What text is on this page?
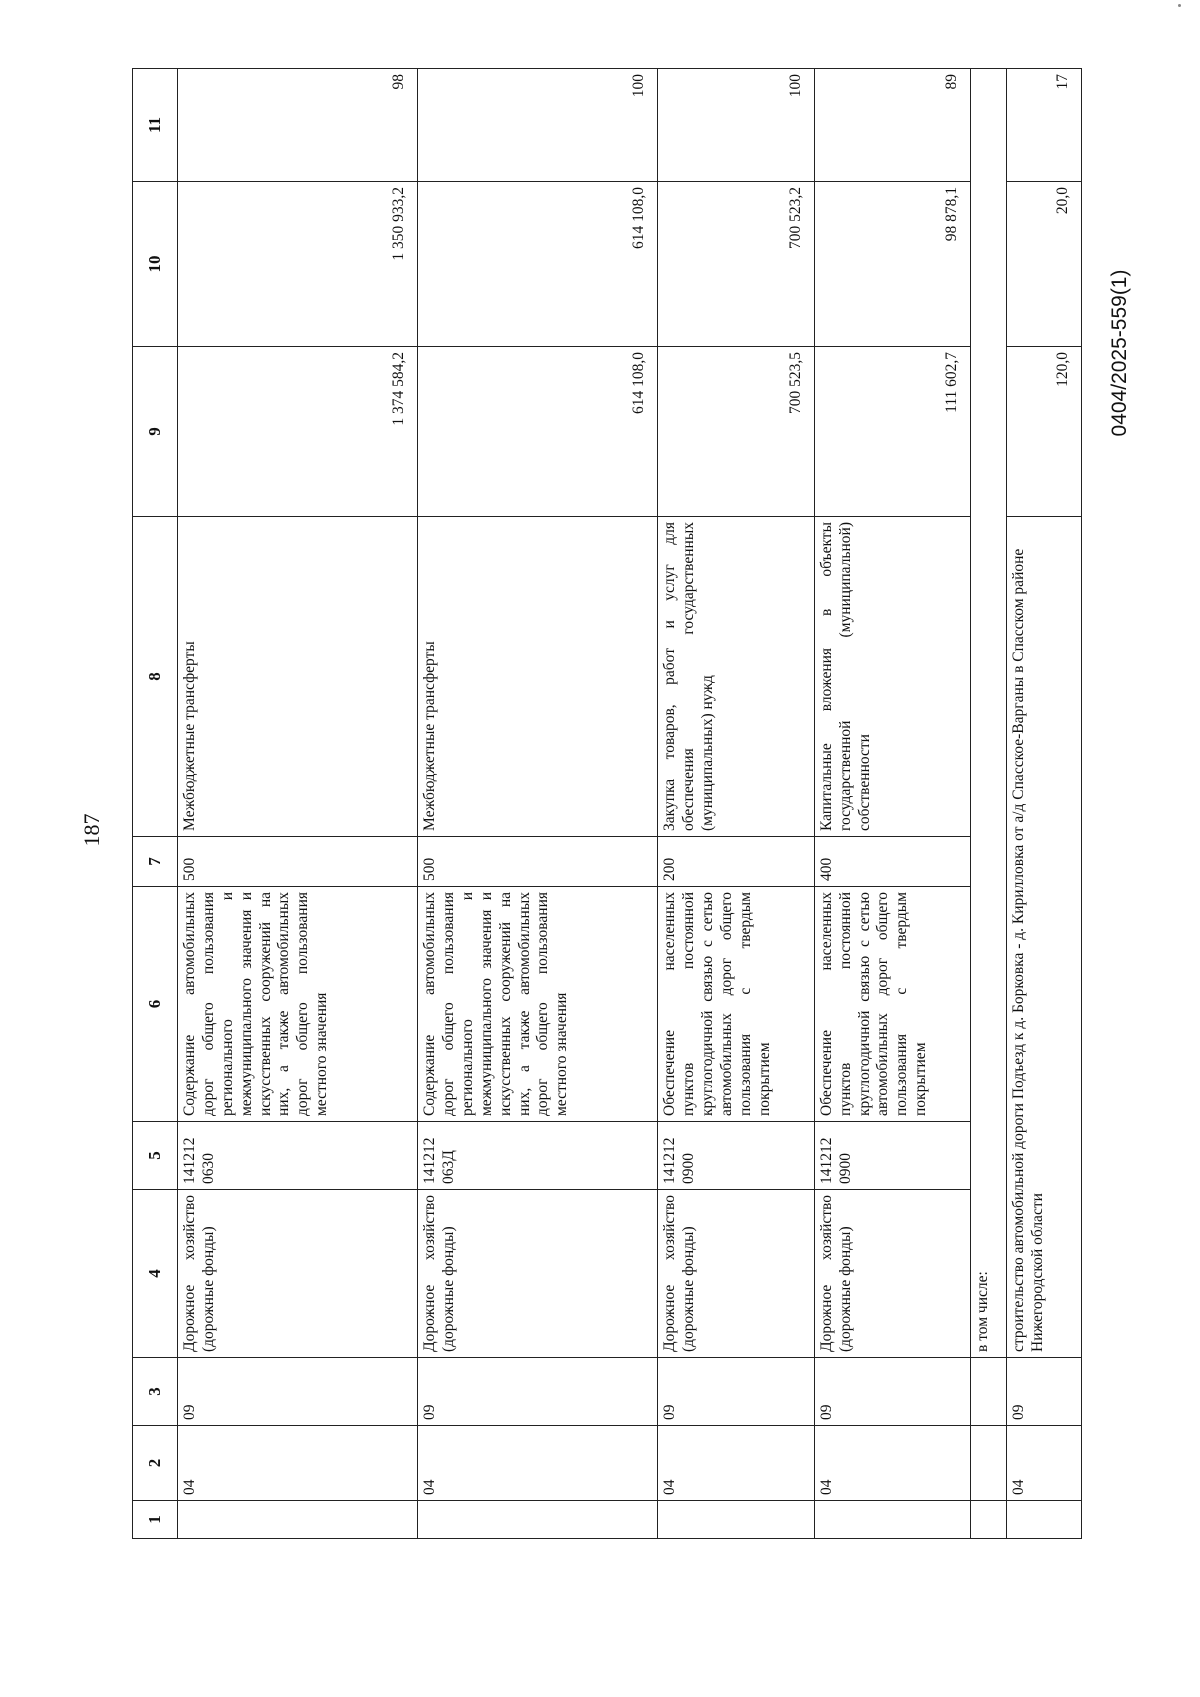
187
0404/2025-559(1)
1	2	3	4	5	6	7	8	9	10	11
	04	09	Дорожное хозяйство (дорожные фонды)	141212 0630	Содержание автомобильных дорог общего пользования регионального и межмуниципального значения и искусственных сооружений на них, а также автомобильных дорог общего пользования местного значения	500	Межбюджетные трансферты	1 374 584,2	1 350 933,2	98
	04	09	Дорожное хозяйство (дорожные фонды)	141212 063Д	Содержание автомобильных дорог общего пользования регионального и межмуниципального значения и искусственных сооружений на них, а также автомобильных дорог общего пользования местного значения	500	Межбюджетные трансферты	614 108,0	614 108,0	100
	04	09	Дорожное хозяйство (дорожные фонды)	141212 0900	Обеспечение населенных пунктов постоянной круглогодичной связью с сетью автомобильных дорог общего пользования с твердым покрытием	200	Закупка товаров, работ и услуг для обеспечения государственных (муниципальных) нужд	700 523,5	700 523,2	100
	04	09	Дорожное хозяйство (дорожные фонды)	141212 0900	Обеспечение населенных пунктов постоянной круглогодичной связью с сетью автомобильных дорог общего пользования с твердым покрытием	400	Капитальные вложения в объекты государственной (муниципальной) собственности	111 602,7	98 878,1	89
			в том числе:							
	04	09	строительство автомобильной дороги Подъезд к д. Борковка - д. Кирилловка от а/д Спасское-Варганы в Спасском районе Нижегородской области					120,0	20,0	17
